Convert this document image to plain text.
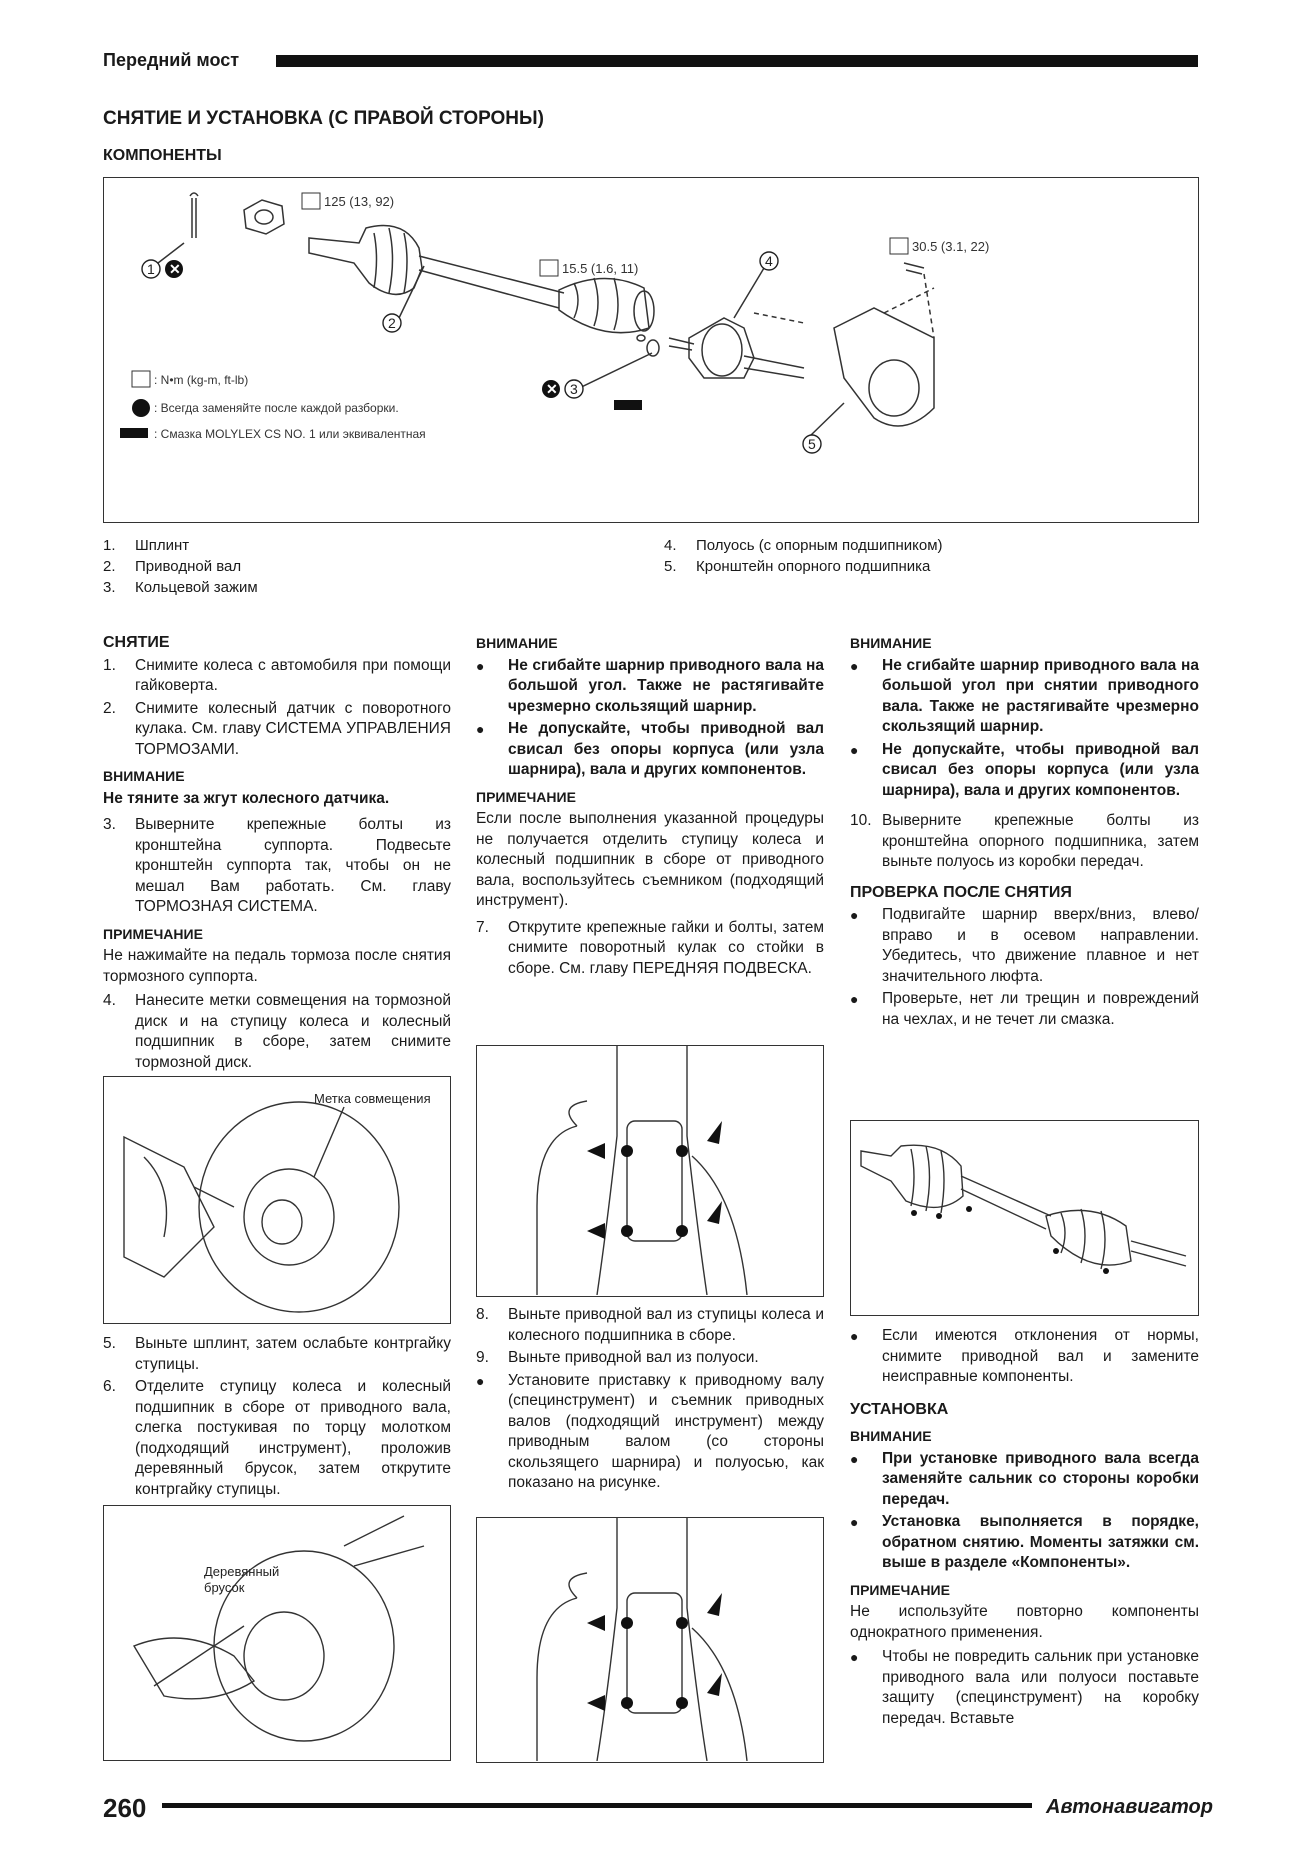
Передний мост
СНЯТИЕ И УСТАНОВКА (С ПРАВОЙ СТОРОНЫ)
КОМПОНЕНТЫ
1 ✕
2
✕ 3
4
5
125 (13, 92)
15.5 (1.6, 11)
30.5 (3.1, 22)
: N•m (kg-m, ft-lb)
: Всегда заменяйте после каждой разборки.
: Смазка MOLYLEX CS NO. 1 или эквивалентная
1. Шплинт
2. Приводной вал
3. Кольцевой зажим
4. Полуось (с опорным подшипником)
5. Кронштейн опорного подшипника
СНЯТИЕ
1.	Снимите колеса с автомобиля при помощи гайковерта.
2.	Снимите колесный датчик с поворотного кулака. См. главу СИСТЕМА УПРАВЛЕНИЯ ТОРМОЗАМИ.
ВНИМАНИЕ

Не тяните за жгут колесного датчика.

3.	Выверните крепежные болты из кронштейна суппорта. Подвесьте кронштейн суппорта так, чтобы он не мешал Вам работать. См. главу ТОРМОЗНАЯ СИСТЕМА.
ПРИМЕЧАНИЕ

Не нажимайте на педаль тормоза после снятия тормозного суппорта.

4.	Нанесите метки совмещения на тормозной диск и на ступицу колеса и колесный подшипник в сборе, затем снимите тормозной диск.
Метка совмещения
5.	Выньте шплинт, затем ослабьте контргайку ступицы.
6.	Отделите ступицу колеса и колесный подшипник в сборе от приводного вала, слегка постукивая по торцу молотком (подходящий инструмент), проложив деревянный брусок, затем открутите контргайку ступицы.
Деревянный
брусок
ВНИМАНИЕ
●
Не сгибайте шарнир приводного вала на большой угол. Также не растягивайте чрезмерно скользящий шарнир.
●
Не допускайте, чтобы приводной вал свисал без опоры корпуса (или узла шарнира), вала и других компонентов.
ПРИМЕЧАНИЕ

Если после выполнения указанной процедуры не получается отделить ступицу колеса и колесный подшипник в сборе от приводного вала, воспользуйтесь съемником (подходящий инструмент).

7.	Открутите крепежные гайки и болты, затем снимите поворотный кулак со стойки в сборе. См. главу ПЕРЕДНЯЯ ПОДВЕСКА.
8.	Выньте приводной вал из ступицы колеса и колесного подшипника в сборе.
9.	Выньте приводной вал из полуоси.
●
Установите приставку к приводному валу (специнструмент) и съемник приводных валов (подходящий инструмент) между приводным валом (со стороны скользящего шарнира) и полуосью, как показано на рисунке.
ВНИМАНИЕ
●
Не сгибайте шарнир приводного вала на большой угол при снятии приводного вала. Также не растягивайте чрезмерно скользящий шарнир.
●
Не допускайте, чтобы приводной вал свисал без опоры корпуса (или узла шарнира), вала и других компонентов.
10. Выверните крепежные болты из кронштейна опорного подшипника, затем выньте полуось из коробки передач.
ПРОВЕРКА ПОСЛЕ СНЯТИЯ
●
Подвигайте шарнир вверх/вниз, влево/вправо и в осевом направлении. Убедитесь, что движение плавное и нет значительного люфта.
●
Проверьте, нет ли трещин и повреждений на чехлах, и не течет ли смазка.
●
Если имеются отклонения от нормы, снимите приводной вал и замените неисправные компоненты.
УСТАНОВКА
ВНИМАНИЕ
●
При установке приводного вала всегда заменяйте сальник со стороны коробки передач.
●
Установка выполняется в порядке, обратном снятию. Моменты затяжки см. выше в разделе «Компоненты».
ПРИМЕЧАНИЕ

Не используйте повторно компоненты однократного применения.

●
Чтобы не повредить сальник при установке приводного вала или полуоси поставьте защиту (специнструмент) на коробку передач. Вставьте
260	Автонавигатор
